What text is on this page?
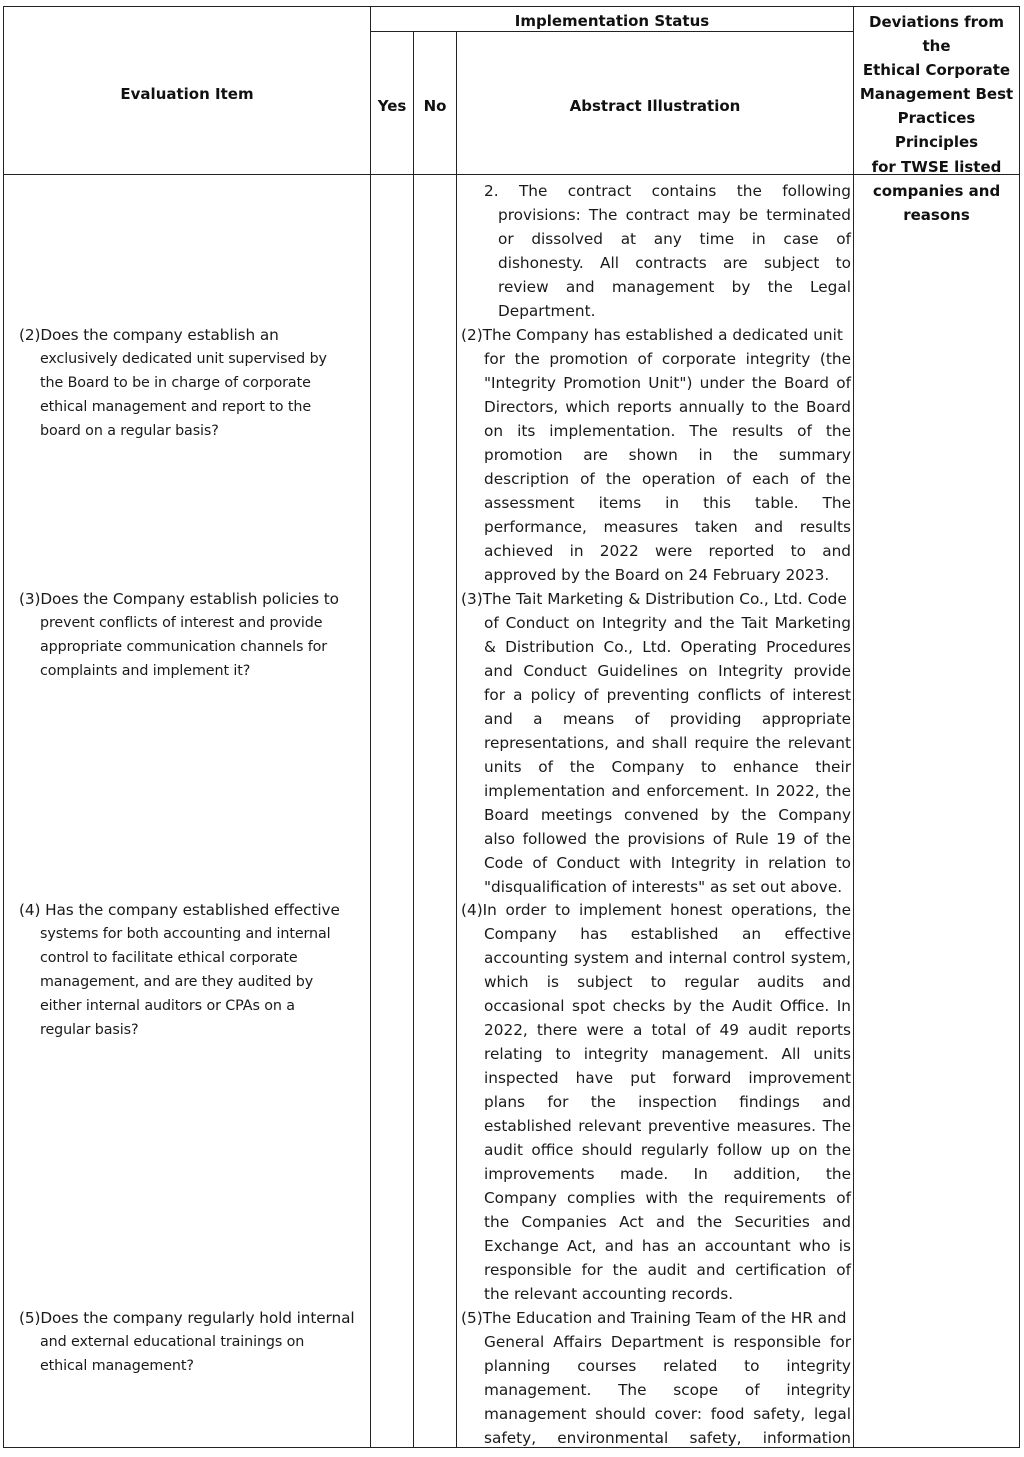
Evaluation Item
Implementation Status
Yes	No	Abstract Illustration
Deviations from the
Ethical Corporate
Management Best
Practices Principles
for TWSE listed
companies and
reasons
2. The contract contains the following
provisions: The contract may be terminated
or dissolved at any time in case of
dishonesty. All contracts are subject to
review and management by the Legal
Department.
(2)Does the company establish an
exclusively dedicated unit supervised by
the Board to be in charge of corporate
ethical management and report to the
board on a regular basis?
(2)The Company has established a dedicated unit
for the promotion of corporate integrity (the
"Integrity Promotion Unit") under the Board of
Directors, which reports annually to the Board
on its implementation. The results of the
promotion are shown in the summary
description of the operation of each of the
assessment items in this table. The
performance, measures taken and results
achieved in 2022 were reported to and
approved by the Board on 24 February 2023.
(3)Does the Company establish policies to
prevent conflicts of interest and provide
appropriate communication channels for
complaints and implement it?
(3)The Tait Marketing & Distribution Co., Ltd. Code
of Conduct on Integrity and the Tait Marketing
& Distribution Co., Ltd. Operating Procedures
and Conduct Guidelines on Integrity provide
for a policy of preventing conflicts of interest
and a means of providing appropriate
representations, and shall require the relevant
units of the Company to enhance their
implementation and enforcement. In 2022, the
Board meetings convened by the Company
also followed the provisions of Rule 19 of the
Code of Conduct with Integrity in relation to
"disqualification of interests" as set out above.
(4) Has the company established effective
systems for both accounting and internal
control to facilitate ethical corporate
management, and are they audited by
either internal auditors or CPAs on a
regular basis?
(4)In order to implement honest operations, the
Company has established an effective
accounting system and internal control system,
which is subject to regular audits and
occasional spot checks by the Audit Office. In
2022, there were a total of 49 audit reports
relating to integrity management. All units
inspected have put forward improvement
plans for the inspection findings and
established relevant preventive measures. The
audit office should regularly follow up on the
improvements made. In addition, the
Company complies with the requirements of
the Companies Act and the Securities and
Exchange Act, and has an accountant who is
responsible for the audit and certification of
the relevant accounting records.
(5)Does the company regularly hold internal
and external educational trainings on
ethical management?
(5)The Education and Training Team of the HR and
General Affairs Department is responsible for
planning courses related to integrity
management. The scope of integrity
management should cover: food safety, legal
safety, environmental safety, information
